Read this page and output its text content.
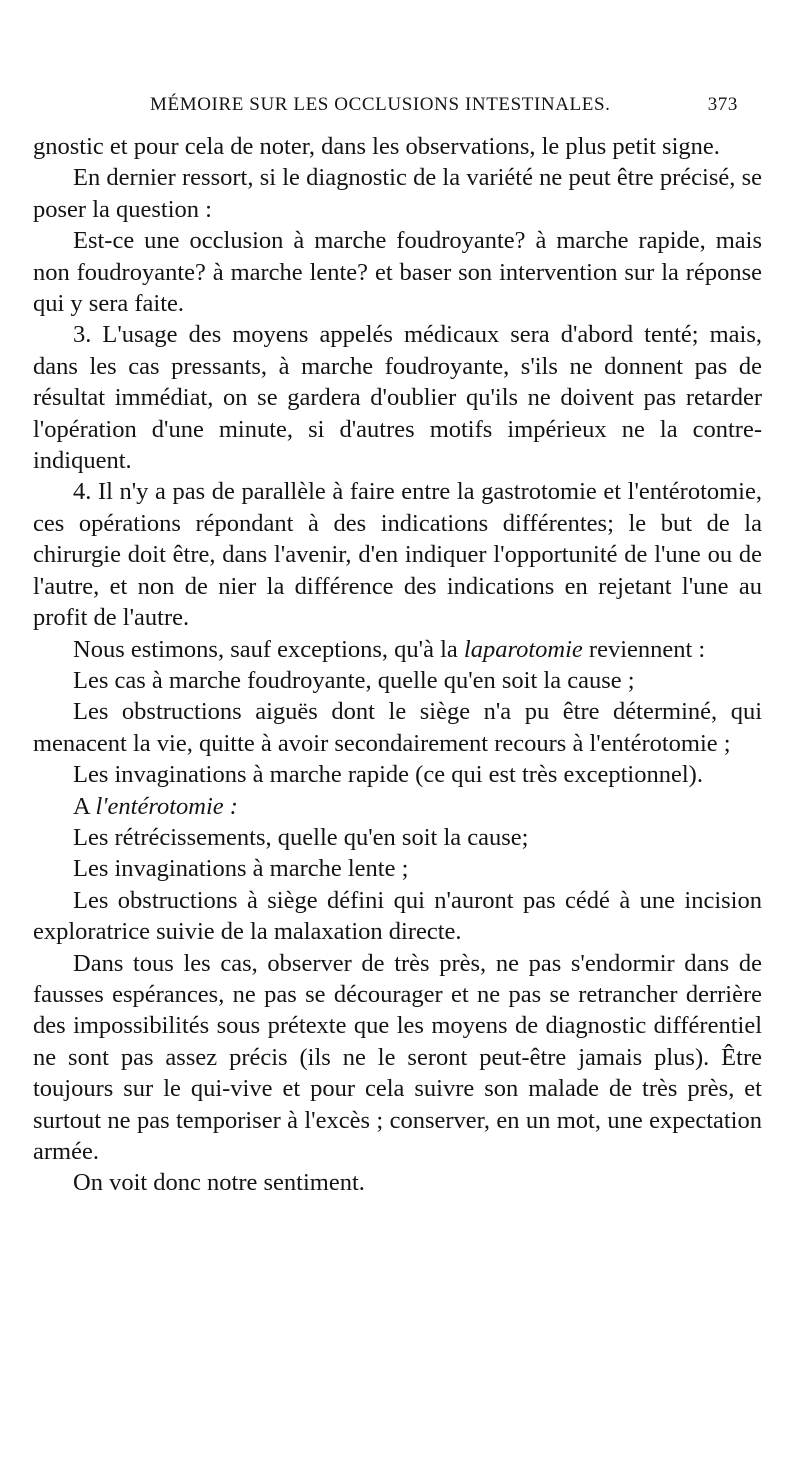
MÉMOIRE SUR LES OCCLUSIONS INTESTINALES.	373

gnostic et pour cela de noter, dans les observations, le plus petit signe.

En dernier ressort, si le diagnostic de la variété ne peut être précisé, se poser la question :

Est-ce une occlusion à marche foudroyante? à marche rapide, mais non foudroyante? à marche lente? et baser son intervention sur la réponse qui y sera faite.

3. L'usage des moyens appelés médicaux sera d'abord tenté; mais, dans les cas pressants, à marche foudroyante, s'ils ne donnent pas de résultat immédiat, on se gardera d'oublier qu'ils ne doivent pas retarder l'opération d'une minute, si d'autres motifs impérieux ne la contre-indiquent.

4. Il n'y a pas de parallèle à faire entre la gastrotomie et l'entérotomie, ces opérations répondant à des indications différentes; le but de la chirurgie doit être, dans l'avenir, d'en indiquer l'opportunité de l'une ou de l'autre, et non de nier la différence des indications en rejetant l'une au profit de l'autre.

Nous estimons, sauf exceptions, qu'à la laparotomie reviennent :

Les cas à marche foudroyante, quelle qu'en soit la cause ;

Les obstructions aiguës dont le siège n'a pu être déterminé, qui menacent la vie, quitte à avoir secondairement recours à l'entérotomie ;

Les invaginations à marche rapide (ce qui est très exceptionnel).

A l'entérotomie :

Les rétrécissements, quelle qu'en soit la cause;

Les invaginations à marche lente ;

Les obstructions à siège défini qui n'auront pas cédé à une incision exploratrice suivie de la malaxation directe.

Dans tous les cas, observer de très près, ne pas s'endormir dans de fausses espérances, ne pas se décourager et ne pas se retrancher derrière des impossibilités sous prétexte que les moyens de diagnostic différentiel ne sont pas assez précis (ils ne le seront peut-être jamais plus). Être toujours sur le qui-vive et pour cela suivre son malade de très près, et surtout ne pas temporiser à l'excès ; conserver, en un mot, une expectation armée.

On voit donc notre sentiment.
